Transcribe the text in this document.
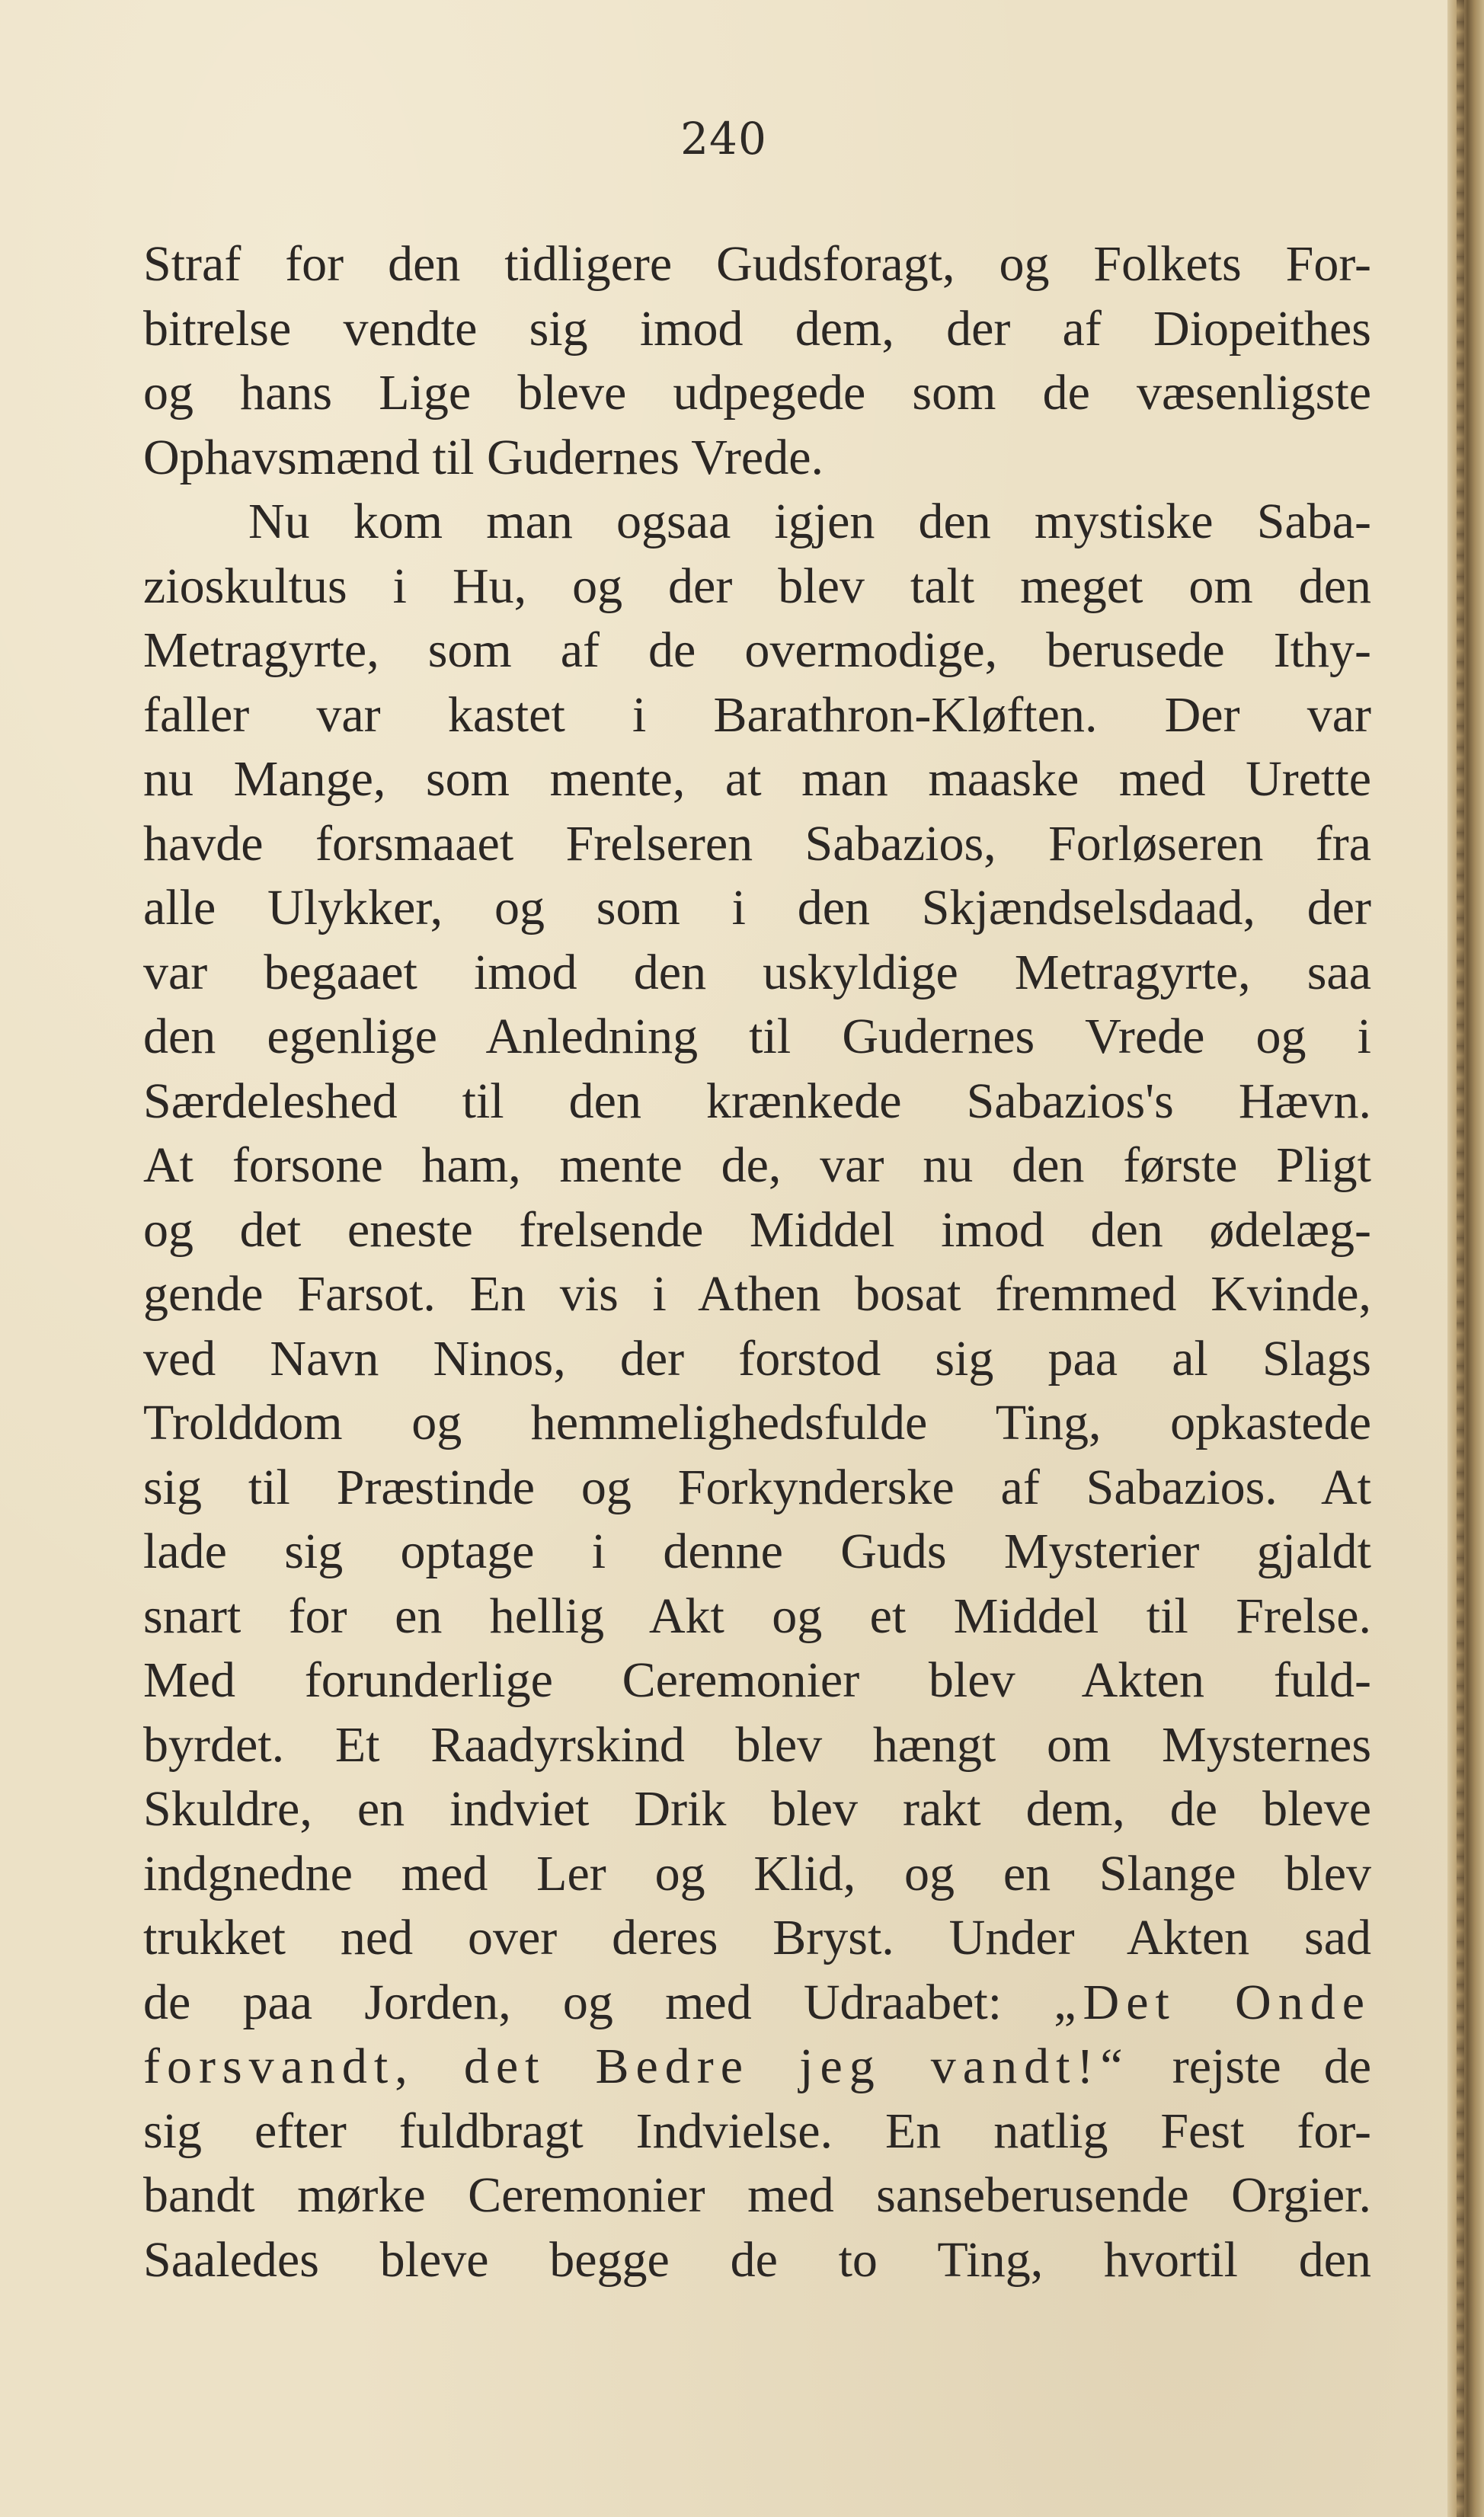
240
Straf for den tidligere Gudsforagt, og Folkets For-
bitrelse vendte sig imod dem, der af Diopeithes
og hans Lige bleve udpegede som de væsenligste
Ophavsmænd til Gudernes Vrede.
Nu kom man ogsaa igjen den mystiske Saba-
zioskultus i Hu, og der blev talt meget om den
Metragyrte, som af de overmodige, berusede Ithy-
faller var kastet i Barathron-Kløften. Der var
nu Mange, som mente, at man maaske med Urette
havde forsmaaet Frelseren Sabazios, Forløseren fra
alle Ulykker, og som i den Skjændselsdaad, der
var begaaet imod den uskyldige Metragyrte, saa
den egenlige Anledning til Gudernes Vrede og i
Særdeleshed til den krænkede Sabazios's Hævn.
At forsone ham, mente de, var nu den første Pligt
og det eneste frelsende Middel imod den ødelæg-
gende Farsot. En vis i Athen bosat fremmed Kvinde,
ved Navn Ninos, der forstod sig paa al Slags
Trolddom og hemmelighedsfulde Ting, opkastede
sig til Præstinde og Forkynderske af Sabazios. At
lade sig optage i denne Guds Mysterier gjaldt
snart for en hellig Akt og et Middel til Frelse.
Med forunderlige Ceremonier blev Akten fuld-
byrdet. Et Raadyrskind blev hængt om Mysternes
Skuldre, en indviet Drik blev rakt dem, de bleve
indgnedne med Ler og Klid, og en Slange blev
trukket ned over deres Bryst. Under Akten sad
de paa Jorden, og med Udraabet: „Det Onde
forsvandt, det Bedre jeg vandt!“ rejste de
sig efter fuldbragt Indvielse. En natlig Fest for-
bandt mørke Ceremonier med sanseberusende Orgier.
Saaledes bleve begge de to Ting, hvortil den
